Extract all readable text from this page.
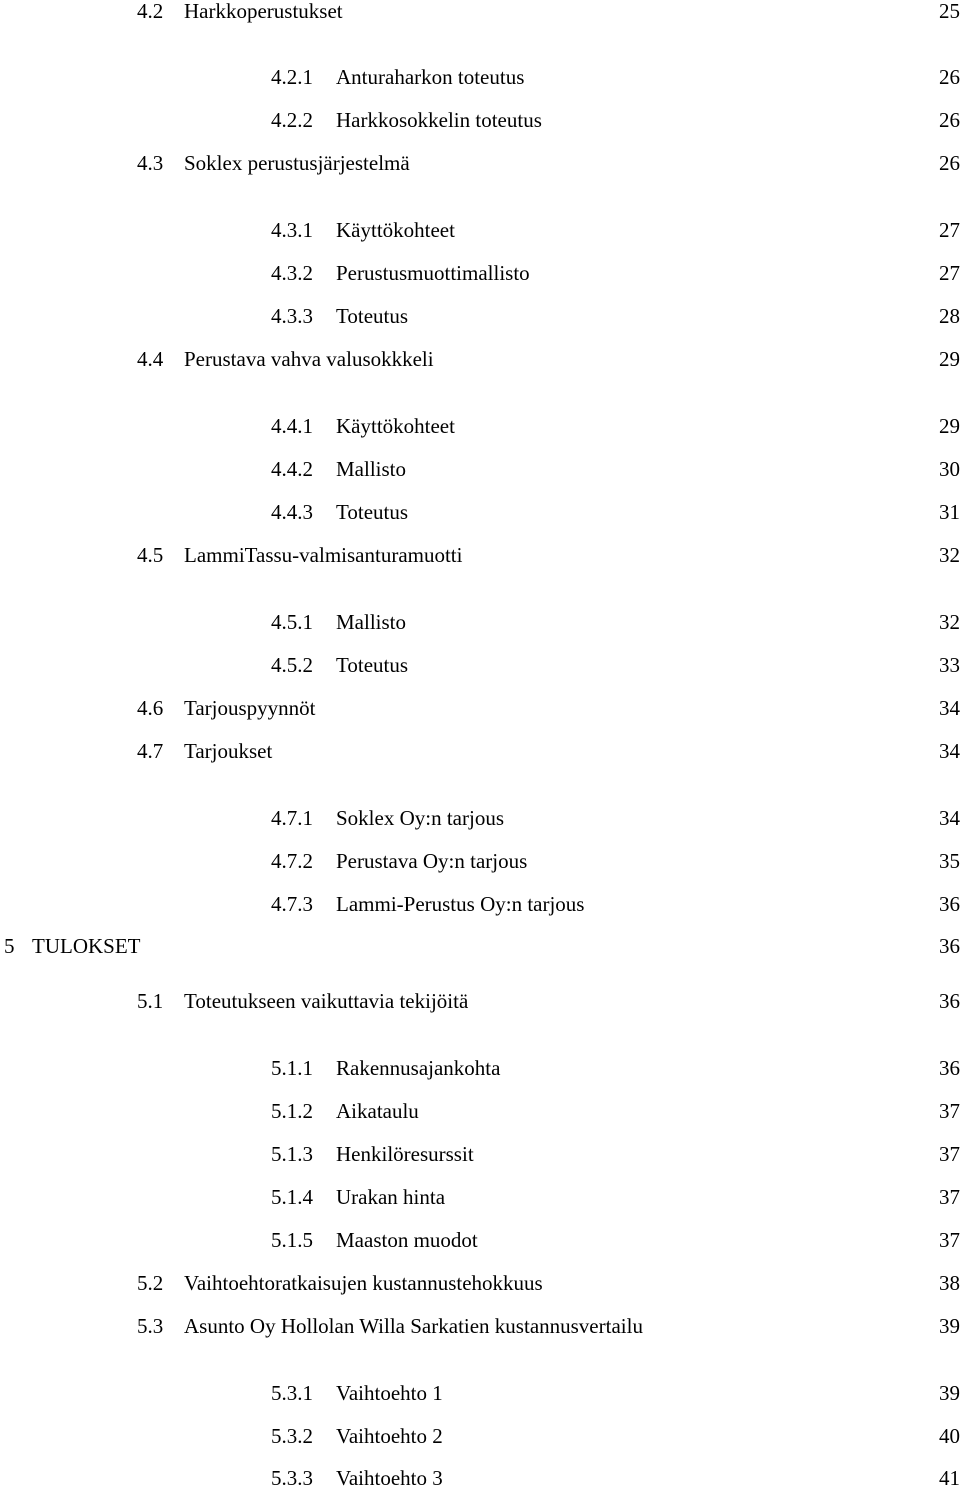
4.2 Harkkoperustukset	25
4.2.1 Anturaharkon toteutus	26
4.2.2 Harkkosokkelin toteutus	26
4.3 Soklex perustusjärjestelmä	26
4.3.1 Käyttökohteet	27
4.3.2 Perustusmuottimallisto	27
4.3.3 Toteutus	28
4.4 Perustava vahva valusokkkeli	29
4.4.1 Käyttökohteet	29
4.4.2 Mallisto	30
4.4.3 Toteutus	31
4.5 LammiTassu-valmisanturamuotti	32
4.5.1 Mallisto	32
4.5.2 Toteutus	33
4.6 Tarjouspyynnöt	34
4.7 Tarjoukset	34
4.7.1 Soklex Oy:n tarjous	34
4.7.2 Perustava Oy:n tarjous	35
4.7.3 Lammi-Perustus Oy:n tarjous	36
5 TULOKSET	36
5.1 Toteutukseen vaikuttavia tekijöitä	36
5.1.1 Rakennusajankohta	36
5.1.2 Aikataulu	37
5.1.3 Henkilöresurssit	37
5.1.4 Urakan hinta	37
5.1.5 Maaston muodot	37
5.2 Vaihtoehtoratkaisujen kustannustehokkuus	38
5.3 Asunto Oy Hollolan Willa Sarkatien kustannusvertailu	39
5.3.1 Vaihtoehto 1	39
5.3.2 Vaihtoehto 2	40
5.3.3 Vaihtoehto 3	41
